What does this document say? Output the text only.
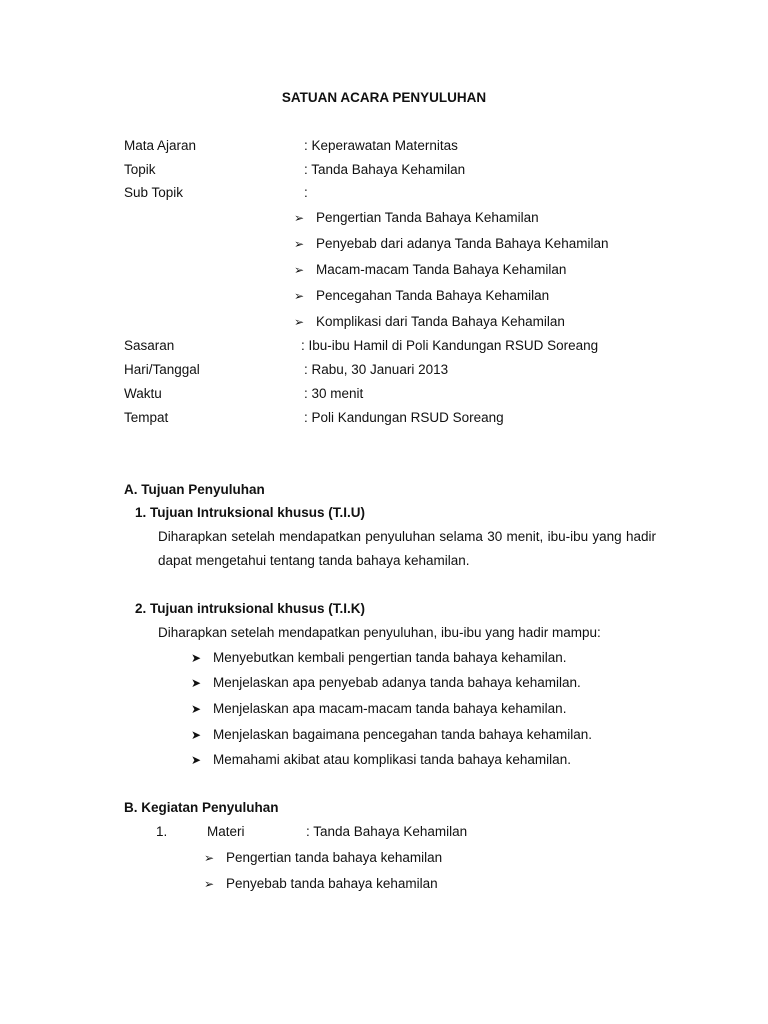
SATUAN ACARA PENYULUHAN
Mata Ajaran	: Keperawatan Maternitas
Topik	: Tanda Bahaya Kehamilan
Sub Topik	:
➢ Pengertian Tanda Bahaya Kehamilan
➢ Penyebab dari adanya Tanda Bahaya Kehamilan
➢ Macam-macam Tanda Bahaya Kehamilan
➢ Pencegahan Tanda Bahaya Kehamilan
➢ Komplikasi dari Tanda Bahaya Kehamilan
Sasaran	: Ibu-ibu Hamil di Poli Kandungan RSUD Soreang
Hari/Tanggal	: Rabu, 30 Januari 2013
Waktu	: 30 menit
Tempat	: Poli Kandungan RSUD Soreang
A. Tujuan Penyuluhan
1. Tujuan Intruksional khusus (T.I.U)
Diharapkan setelah mendapatkan penyuluhan selama 30 menit, ibu-ibu yang hadir dapat mengetahui tentang tanda bahaya kehamilan.
2. Tujuan intruksional khusus (T.I.K)
Diharapkan setelah mendapatkan penyuluhan, ibu-ibu yang hadir mampu:
➤ Menyebutkan kembali pengertian tanda bahaya kehamilan.
➤ Menjelaskan apa penyebab adanya tanda bahaya kehamilan.
➤ Menjelaskan apa macam-macam tanda bahaya kehamilan.
➤ Menjelaskan bagaimana pencegahan tanda bahaya kehamilan.
➤ Memahami akibat atau komplikasi tanda bahaya kehamilan.
B. Kegiatan Penyuluhan
1.	Materi	: Tanda Bahaya Kehamilan
➢ Pengertian tanda bahaya kehamilan
➢ Penyebab tanda bahaya kehamilan
